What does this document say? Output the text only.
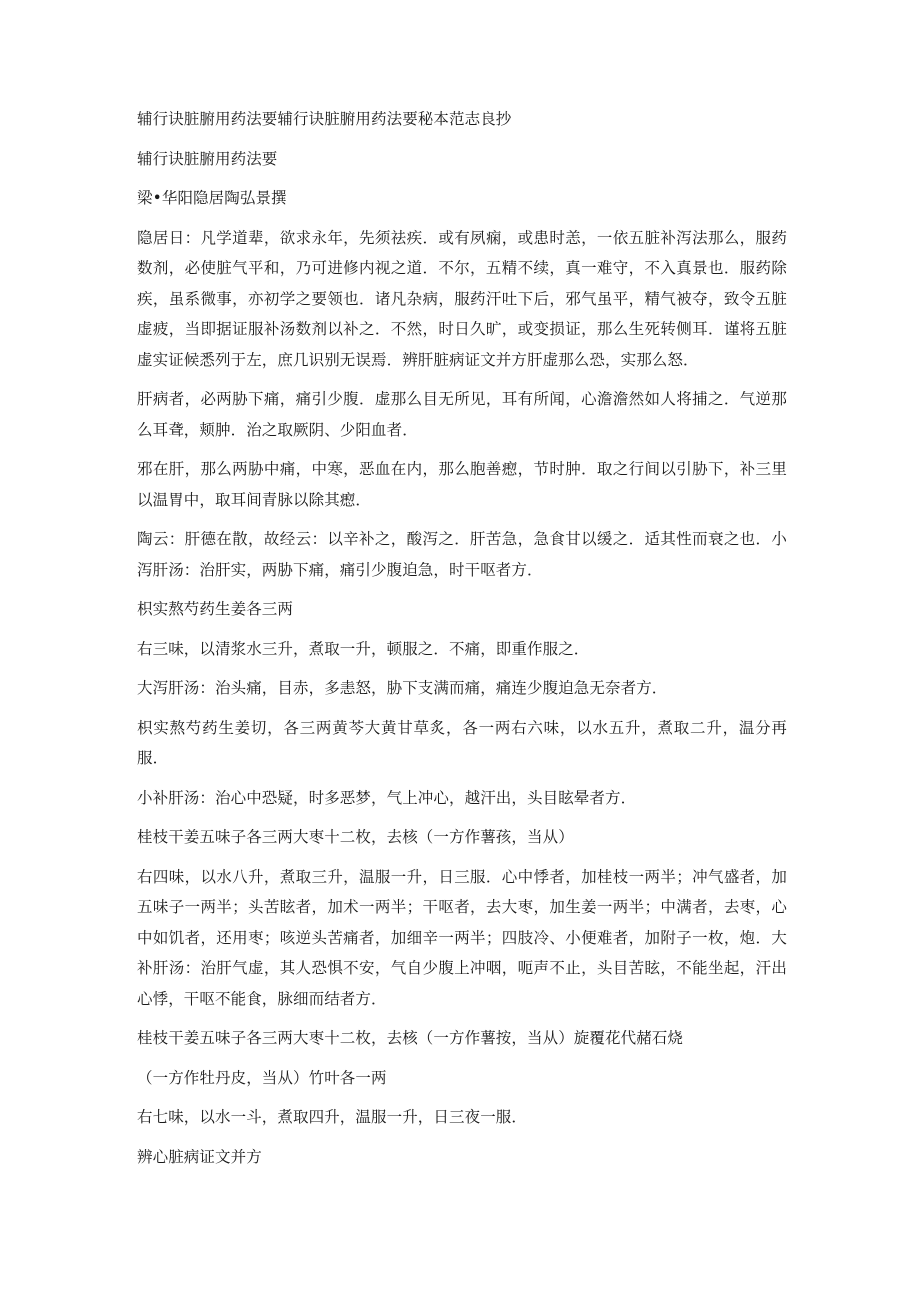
辅行诀脏腑用药法要辅行诀脏腑用药法要秘本范志良抄

辅行诀脏腑用药法要

梁•华阳隐居陶弘景撰

隐居日：凡学道辈，欲求永年，先须祛疾．或有夙痫，或患时恙，一依五脏补泻法那么，服药数剂，必使脏气平和，乃可进修内视之道．不尔，五精不续，真一难守，不入真景也．服药除疾，虽系微事，亦初学之要领也．诸凡杂病，服药汗吐下后，邪气虽平，精气被夺，致令五脏虚疲，当即据证服补汤数剂以补之．不然，时日久旷，或变损证，那么生死转侧耳．谨将五脏虚实证候悉列于左，庶几识别无误焉．辨肝脏病证文并方肝虚那么恐，实那么怒．

肝病者，必两胁下痛，痛引少腹．虚那么目无所见，耳有所闻，心澹澹然如人将捕之．气逆那么耳聋，颊肿．治之取厥阴、少阳血者．

邪在肝，那么两胁中痛，中寒，恶血在内，那么胞善瘛，节时肿．取之行间以引胁下，补三里以温胃中，取耳间青脉以除其瘛．

陶云：肝德在散，故经云：以辛补之，酸泻之．肝苦急，急食甘以缓之．适其性而衰之也．小泻肝汤：治肝实，两胁下痛，痛引少腹迫急，时干呕者方．

枳实熬芍药生姜各三两

右三味，以清浆水三升，煮取一升，顿服之．不痛，即重作服之．

大泻肝汤：治头痛，目赤，多恚怒，胁下支满而痛，痛连少腹迫急无奈者方．

枳实熬芍药生姜切，各三两黄芩大黄甘草炙，各一两右六味，以水五升，煮取二升，温分再服．

小补肝汤：治心中恐疑，时多恶梦，气上冲心，越汗出，头目眩晕者方．

桂枝干姜五味子各三两大枣十二枚，去核（一方作薯孩，当从）

右四味，以水八升，煮取三升，温服一升，日三服．心中悸者，加桂枝一两半；冲气盛者，加五味子一两半；头苦眩者，加术一两半；干呕者，去大枣，加生姜一两半；中满者，去枣，心中如饥者，还用枣；咳逆头苦痛者，加细辛一两半；四肢冷、小便难者，加附子一枚，炮．大补肝汤：治肝气虚，其人恐惧不安，气自少腹上冲咽，呃声不止，头目苦眩，不能坐起，汗出心悸，干呕不能食，脉细而结者方．

桂枝干姜五味子各三两大枣十二枚，去核（一方作薯按，当从）旋覆花代赭石烧

（一方作牡丹皮，当从）竹叶各一两

右七味，以水一斗，煮取四升，温服一升，日三夜一服．

辨心脏病证文并方
